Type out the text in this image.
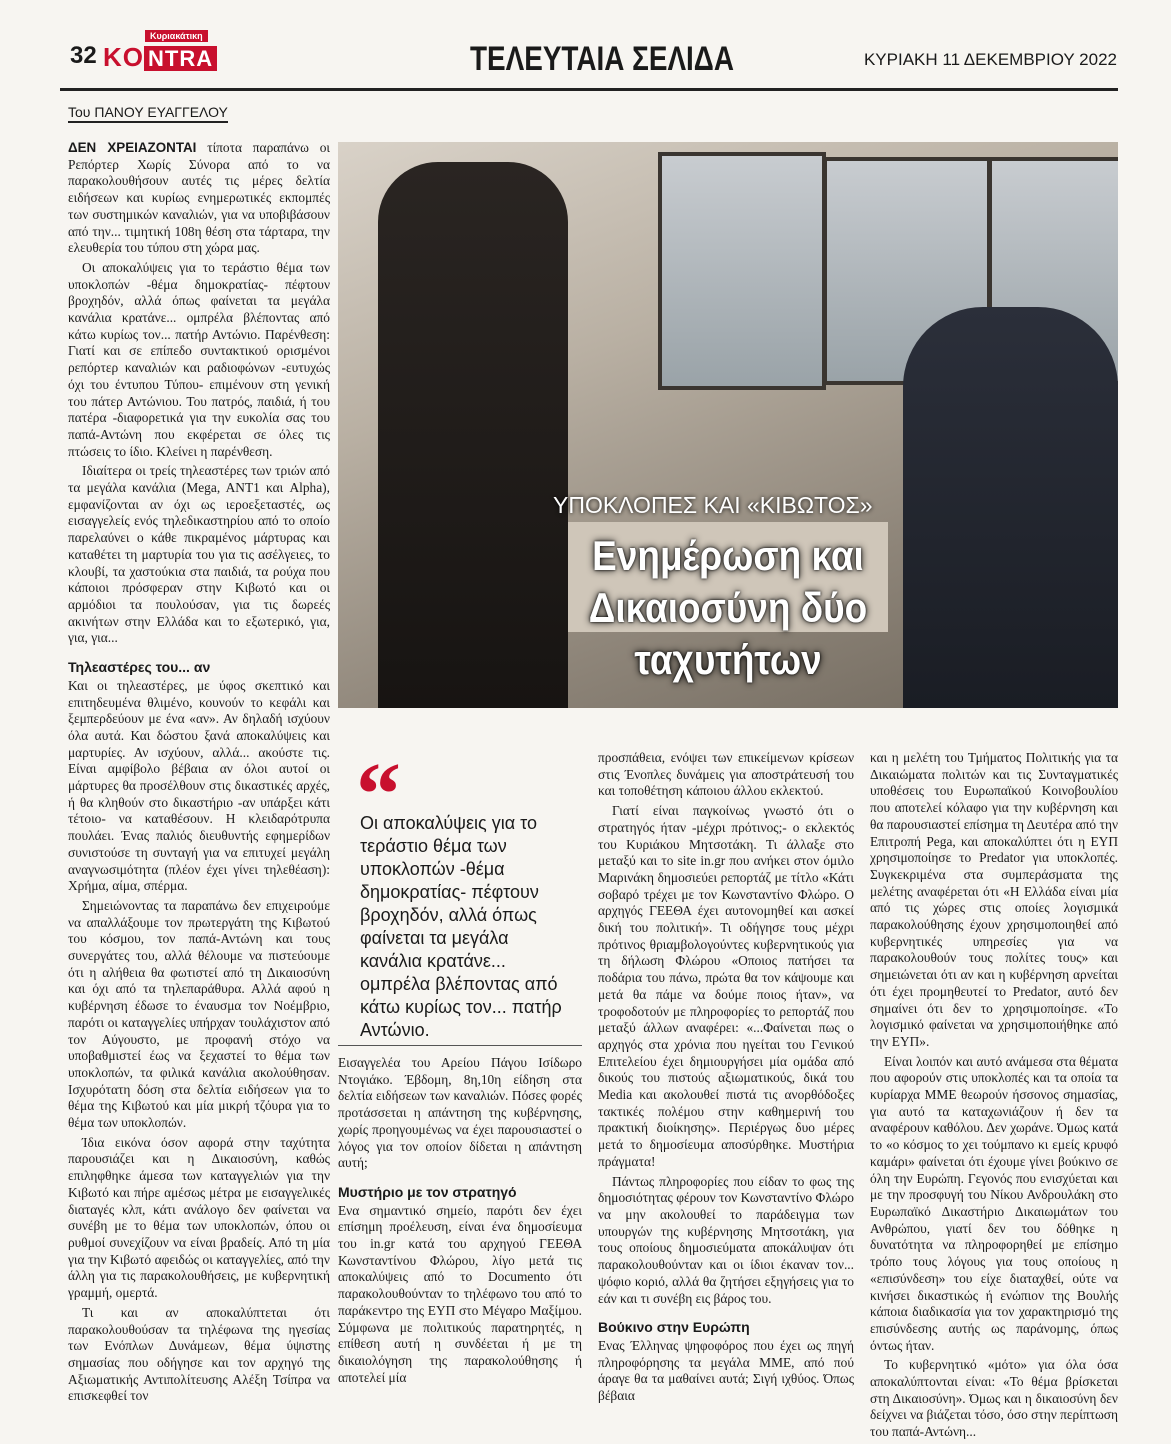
32
Κυριακάτικη
KO NTRA	ΤΕΛΕΥΤΑΙΑ ΣΕΛΙΔΑ	ΚΥΡΙΑΚΗ 11 ΔΕΚΕΜΒΡΙΟΥ 2022
Του ΠΑΝΟΥ ΕΥΑΓΓΕΛΟΥ

ΔΕΝ ΧΡΕΙΑΖΟΝΤΑΙ τίποτα παραπάνω οι Ρεπόρτερ Χωρίς Σύνορα από το να παρακολουθήσουν αυτές τις μέρες δελτία ειδήσεων και κυρίως ενημερωτικές εκπομπές των συστημικών καναλιών, για να υποβιβάσουν από την... τιμητική 108η θέση στα τάρταρα, την ελευθερία του τύπου στη χώρα μας.

Οι αποκαλύψεις για το τεράστιο θέμα των υποκλοπών -θέμα δημοκρατίας- πέφτουν βροχηδόν, αλλά όπως φαίνεται τα μεγάλα κανάλια κρατάνε... ομπρέλα βλέποντας από κάτω κυρίως τον... πατήρ Αντώνιο. Παρένθεση: Γιατί και σε επίπεδο συντακτικού ορισμένοι ρεπόρτερ καναλιών και ραδιοφώνων -ευτυχώς όχι του έντυπου Τύπου- επιμένουν στη γενική του πάτερ Αντώνιου. Του πατρός, παιδιά, ή του πατέρα -διαφορετικά για την ευκολία σας του παπά-Αντώνη που εκφέρεται σε όλες τις πτώσεις το ίδιο. Κλείνει η παρένθεση.

Ιδιαίτερα οι τρείς τηλεαστέρες των τριών από τα μεγάλα κανάλια (Mega, ANT1 και Alpha), εμφανίζονται αν όχι ως ιεροεξεταστές, ως εισαγγελείς ενός τηλεδικαστηρίου από το οποίο παρελαύνει ο κάθε πικραμένος μάρτυρας και καταθέτει τη μαρτυρία του για τις ασέλγειες, το κλουβί, τα χαστούκια στα παιδιά, τα ρούχα που κάποιοι πρόσφεραν στην Κιβωτό και οι αρμόδιοι τα πουλούσαν, για τις δωρεές ακινήτων στην Ελλάδα και το εξωτερικό, για, για, για...

Τηλεαστέρες του... αν

Και οι τηλεαστέρες, με ύφος σκεπτικό και επιτηδευμένα θλιμένο, κουνούν το κεφάλι και ξεμπερδεύουν με ένα «αν». Αν δηλαδή ισχύουν όλα αυτά. Και δώστου ξανά αποκαλύψεις και μαρτυρίες. Αν ισχύουν, αλλά... ακούστε τις. Είναι αμφίβολο βέβαια αν όλοι αυτοί οι μάρτυρες θα προσέλθουν στις δικαστικές αρχές, ή θα κληθούν στο δικαστήριο -αν υπάρξει κάτι τέτοιο- να καταθέσουν. Η κλειδαρότρυπα πουλάει. Ένας παλιός διευθυντής εφημερίδων συνιστούσε τη συνταγή για να επιτυχεί μεγάλη αναγνωσιμότητα (πλέον έχει γίνει τηλεθέαση): Χρήμα, αίμα, σπέρμα.

Σημειώνοντας τα παραπάνω δεν επιχειρούμε να απαλλάξουμε τον πρωτεργάτη της Κιβωτού του κόσμου, τον παπά-Αντώνη και τους συνεργάτες του, αλλά θέλουμε να πιστεύουμε ότι η αλήθεια θα φωτιστεί από τη Δικαιοσύνη και όχι από τα τηλεπαράθυρα. Αλλά αφού η κυβέρνηση έδωσε το έναυσμα τον Νοέμβριο, παρότι οι καταγγελίες υπήρχαν τουλάχιστον από τον Αύγουστο, με προφανή στόχο να υποβαθμιστεί έως να ξεχαστεί το θέμα των υποκλοπών, τα φιλικά κανάλια ακολούθησαν. Ισχυρότατη δόση στα δελτία ειδήσεων για το θέμα της Κιβωτού και μία μικρή τζόυρα για το θέμα των υποκλοπών.

Ίδια εικόνα όσον αφορά στην ταχύτητα παρουσιάζει και η Δικαιοσύνη, καθώς επιληφθηκε άμεσα των καταγγελιών για την Κιβωτό και πήρε αμέσως μέτρα με εισαγγελικές διαταγές κλπ, κάτι ανάλογο δεν φαίνεται να συνέβη με το θέμα των υποκλοπών, όπου οι ρυθμοί συνεχίζουν να είναι βραδείς. Από τη μία για την Κιβωτό αφειδώς οι καταγγελίες, από την άλλη για τις παρακολουθήσεις, με κυβερνητική γραμμή, ομερτά.

Τι και αν αποκαλύπτεται ότι παρακολουθούσαν τα τηλέφωνα της ηγεσίας των Ενόπλων Δυνάμεων, θέμα ύψιστης σημασίας που οδήγησε και τον αρχηγό της Αξιωματικής Αντιπολίτευσης Αλέξη Τσίπρα να επισκεφθεί τον

ΥΠΟΚΛΟΠΕΣ ΚΑΙ «ΚΙΒΩΤΟΣ»
Ενημέρωση και Δικαιοσύνη δύο ταχυτήτων
“
Οι αποκαλύψεις για το τεράστιο θέμα των υποκλοπών -θέμα δημοκρατίας- πέφτουν βροχηδόν, αλλά όπως φαίνεται τα μεγάλα κανάλια κρατάνε... ομπρέλα βλέποντας από κάτω κυρίως τον... πατήρ Αντώνιο.

Εισαγγελέα του Αρείου Πάγου Ισίδωρο Ντογιάκο. Έβδομη, 8η,10η είδηση στα δελτία ειδήσεων των καναλιών. Πόσες φορές προτάσσεται η απάντηση της κυβέρνησης, χωρίς προηγουμένως να έχει παρουσιαστεί ο λόγος για τον οποίον δίδεται η απάντηση αυτή;

Μυστήριο με τον στρατηγό

Ενα σημαντικό σημείο, παρότι δεν έχει επίσημη προέλευση, είναι ένα δημοσίευμα του in.gr κατά του αρχηγού ΓΕΕΘΑ Κωνσταντίνου Φλώρου, λίγο μετά τις αποκαλύψεις από το Documento ότι παρακολουθούνταν το τηλέφωνο του από το παράκεντρο της ΕΥΠ στο Μέγαρο Μαξίμου. Σύμφωνα με πολιτικούς παρατηρητές, η επίθεση αυτή η συνδέεται ή με τη δικαιολόγηση της παρακολούθησης ή αποτελεί μία

προσπάθεια, ενόψει των επικείμενων κρίσεων στις Ένοπλες δυνάμεις για αποστράτευσή του και τοποθέτηση κάποιου άλλου εκλεκτού.

Γιατί είναι παγκοίνως γνωστό ότι ο στρατηγός ήταν -μέχρι πρότινος;- ο εκλεκτός του Κυριάκου Μητσοτάκη. Τι άλλαξε στο μεταξύ και το site in.gr που ανήκει στον όμιλο Μαρινάκη δημοσιεύει ρεπορτάζ με τίτλο «Κάτι σοβαρό τρέχει με τον Κωνσταντίνο Φλώρο. Ο αρχηγός ΓΕΕΘΑ έχει αυτονομηθεί και ασκεί δική του πολιτική». Τι οδήγησε τους μέχρι πρότινος θριαμβολογούντες κυβερνητικούς για τη δήλωση Φλώρου «Οποιος πατήσει τα ποδάρια του πάνω, πρώτα θα τον κάψουμε και μετά θα πάμε να δούμε ποιος ήταν», να τροφοδοτούν με πληροφορίες το ρεπορτάζ που μεταξύ άλλων αναφέρει: «...Φαίνεται πως ο αρχηγός στα χρόνια που ηγείται του Γενικού Επιτελείου έχει δημιουργήσει μία ομάδα από δικούς του πιστούς αξιωματικούς, δικά του Media και ακολουθεί πιστά τις ανορθόδοξες τακτικές πολέμου στην καθημερινή του πρακτική διοίκησης». Περιέργως δυο μέρες μετά το δημοσίευμα αποσύρθηκε. Μυστήρια πράγματα!

Πάντως πληροφορίες που είδαν το φως της δημοσιότητας φέρουν τον Κωνσταντίνο Φλώρο να μην ακολουθεί το παράδειγμα των υπουργών της κυβέρνησης Μητσοτάκη, για τους οποίους δημοσιεύματα αποκάλυψαν ότι παρακολουθούνταν και οι ίδιοι έκαναν τον... ψόφιο κοριό, αλλά θα ζητήσει εξηγήσεις για το εάν και τι συνέβη εις βάρος του.

Βούκινο στην Ευρώπη

Ενας Έλληνας ψηφοφόρος που έχει ως πηγή πληροφόρησης τα μεγάλα ΜΜΕ, από πού άραγε θα τα μαθαίνει αυτά; Σιγή ιχθύος. Όπως βέβαια

και η μελέτη του Τμήματος Πολιτικής για τα Δικαιώματα πολιτών και τις Συνταγματικές υποθέσεις του Ευρωπαϊκού Κοινοβουλίου που αποτελεί κόλαφο για την κυβέρνηση και θα παρουσιαστεί επίσημα τη Δευτέρα από την Επιτροπή Pega, και αποκαλύπτει ότι η ΕΥΠ χρησιμοποίησε το Predator για υποκλοπές. Συγκεκριμένα στα συμπεράσματα της μελέτης αναφέρεται ότι «Η Ελλάδα είναι μία από τις χώρες στις οποίες λογισμικά παρακολούθησης έχουν χρησιμοποιηθεί από κυβερνητικές υπηρεσίες για να παρακολουθούν τους πολίτες τους» και σημειώνεται ότι αν και η κυβέρνηση αρνείται ότι έχει προμηθευτεί το Predator, αυτό δεν σημαίνει ότι δεν το χρησιμοποίησε. «Το λογισμικό φαίνεται να χρησιμοποιήθηκε από την ΕΥΠ».

Είναι λοιπόν και αυτό ανάμεσα στα θέματα που αφορούν στις υποκλοπές και τα οποία τα κυρίαρχα ΜΜΕ θεωρούν ήσσονος σημασίας, για αυτό τα καταχωνιάζουν ή δεν τα αναφέρουν καθόλου. Δεν χωράνε. Όμως κατά το «ο κόσμος το χει τούμπανο κι εμείς κρυφό καμάρι» φαίνεται ότι έχουμε γίνει βούκινο σε όλη την Ευρώπη. Γεγονός που ενισχύεται και με την προσφυγή του Νίκου Ανδρουλάκη στο Ευρωπαϊκό Δικαστήριο Δικαιωμάτων του Ανθρώπου, γιατί δεν του δόθηκε η δυνατότητα να πληροφορηθεί με επίσημο τρόπο τους λόγους για τους οποίους η «επισύνδεση» του είχε διαταχθεί, ούτε να κινήσει δικαστικώς ή ενώπιον της Βουλής κάποια διαδικασία για τον χαρακτηρισμό της επισύνδεσης αυτής ως παράνομης, όπως όντως ήταν.

Το κυβερνητικό «μότο» για όλα όσα αποκαλύπτονται είναι: «Το θέμα βρίσκεται στη Δικαιοσύνη». Όμως και η δικαιοσύνη δεν δείχνει να βιάζεται τόσο, όσο στην περίπτωση του παπά-Αντώνη...
